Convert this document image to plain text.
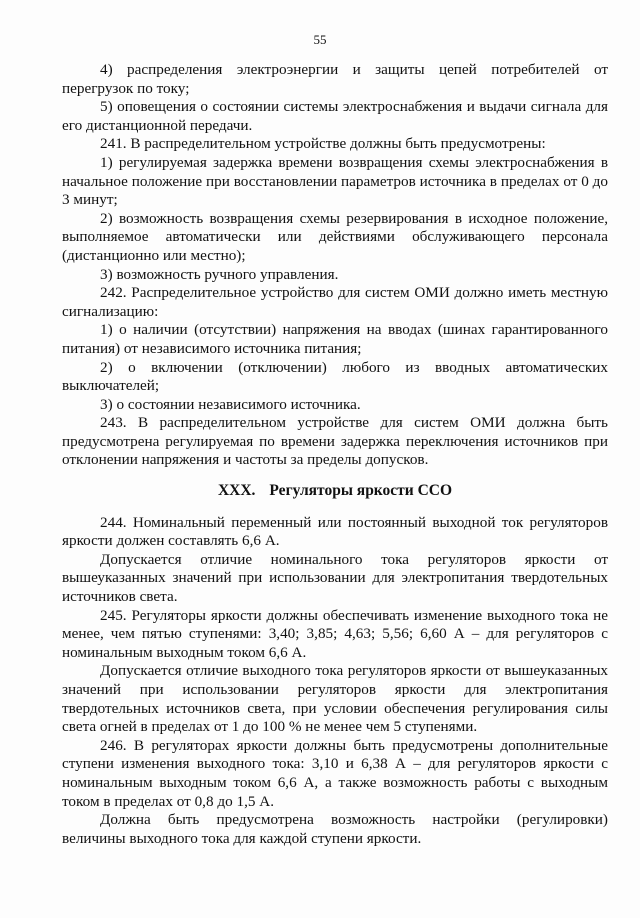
55

4) распределения электроэнергии и защиты цепей потребителей от перегрузок по току;

5) оповещения о состоянии системы электроснабжения и выдачи сигнала для его дистанционной передачи.

241. В распределительном устройстве должны быть предусмотрены:

1) регулируемая задержка времени возвращения схемы электроснабжения в начальное положение при восстановлении параметров источника в пределах от 0 до 3 минут;

2) возможность возвращения схемы резервирования в исходное положение, выполняемое автоматически или действиями обслуживающего персонала (дистанционно или местно);

3) возможность ручного управления.

242. Распределительное устройство для систем ОМИ должно иметь местную сигнализацию:

1) о наличии (отсутствии) напряжения на вводах (шинах гарантированного питания) от независимого источника питания;

2) о включении (отключении) любого из вводных автоматических выключателей;

3) о состоянии независимого источника.

243. В распределительном устройстве для систем ОМИ должна быть предусмотрена регулируемая по времени задержка переключения источников при отклонении напряжения и частоты за пределы допусков.

XXX. Регуляторы яркости ССО

244. Номинальный переменный или постоянный выходной ток регуляторов яркости должен составлять 6,6 А.

Допускается отличие номинального тока регуляторов яркости от вышеуказанных значений при использовании для электропитания твердотельных источников света.

245. Регуляторы яркости должны обеспечивать изменение выходного тока не менее, чем пятью ступенями: 3,40; 3,85; 4,63; 5,56; 6,60 А – для регуляторов с номинальным выходным током 6,6 А.

Допускается отличие выходного тока регуляторов яркости от вышеуказанных значений при использовании регуляторов яркости для электропитания твердотельных источников света, при условии обеспечения регулирования силы света огней в пределах от 1 до 100 % не менее чем 5 ступенями.

246. В регуляторах яркости должны быть предусмотрены дополнительные ступени изменения выходного тока: 3,10 и 6,38 А – для регуляторов яркости с номинальным выходным током 6,6 А, а также возможность работы с выходным током в пределах от 0,8 до 1,5 А.

Должна быть предусмотрена возможность настройки (регулировки) величины выходного тока для каждой ступени яркости.
